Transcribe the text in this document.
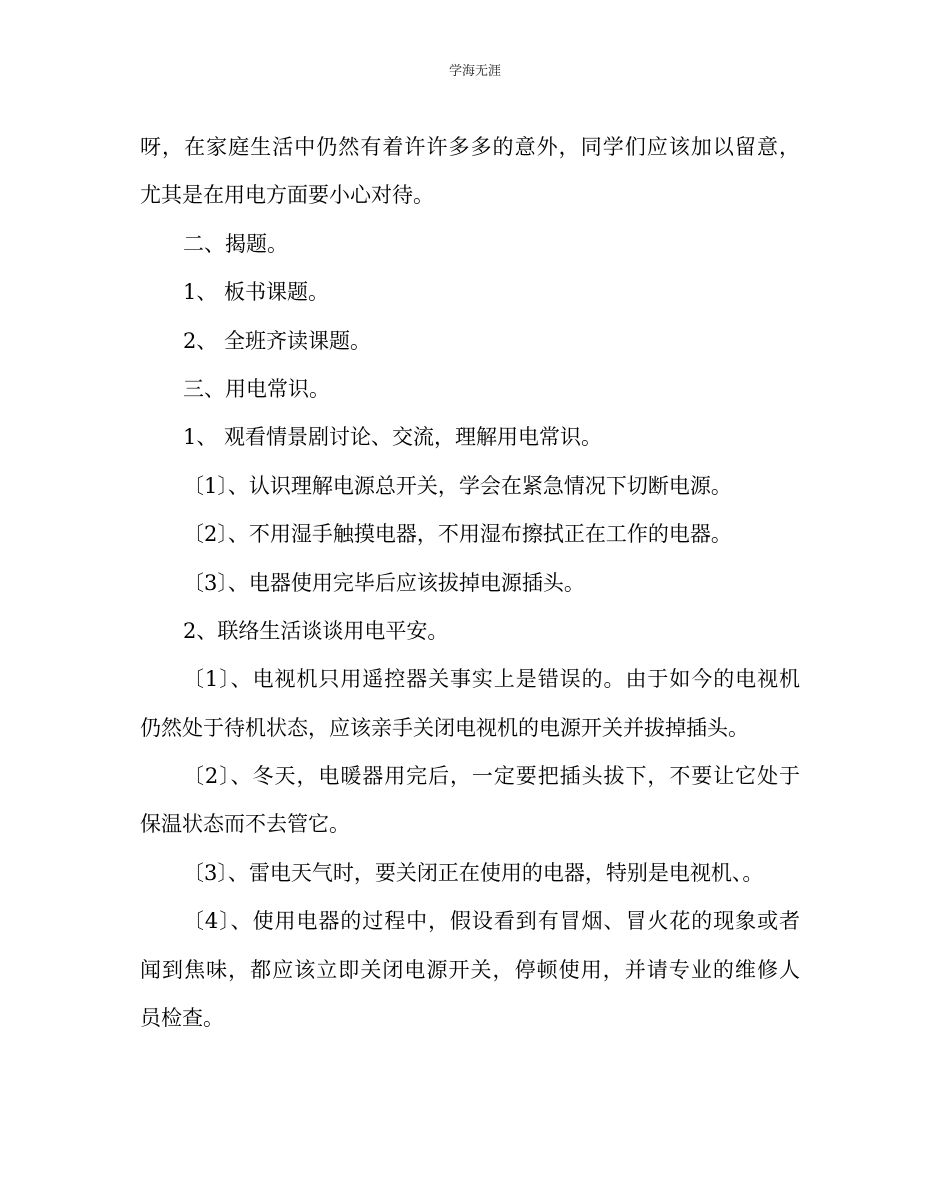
学海无涯
呀，在家庭生活中仍然有着许许多多的意外，同学们应该加以留意，
尤其是在用电方面要小心对待。
二、揭题。
1、 板书课题。
2、 全班齐读课题。
三、用电常识。
1、 观看情景剧讨论、交流，理解用电常识。
〔1〕、认识理解电源总开关，学会在紧急情况下切断电源。
〔2〕、不用湿手触摸电器，不用湿布擦拭正在工作的电器。
〔3〕、电器使用完毕后应该拔掉电源插头。
2、联络生活谈谈用电平安。
〔1〕、电视机只用遥控器关事实上是错误的。由于如今的电视机
仍然处于待机状态，应该亲手关闭电视机的电源开关并拔掉插头。
〔2〕、冬天，电暖器用完后，一定要把插头拔下，不要让它处于
保温状态而不去管它。
〔3〕、雷电天气时，要关闭正在使用的电器，特别是电视机、。
〔4〕、使用电器的过程中，假设看到有冒烟、冒火花的现象或者
闻到焦味，都应该立即关闭电源开关，停顿使用，并请专业的维修人
员检查。
